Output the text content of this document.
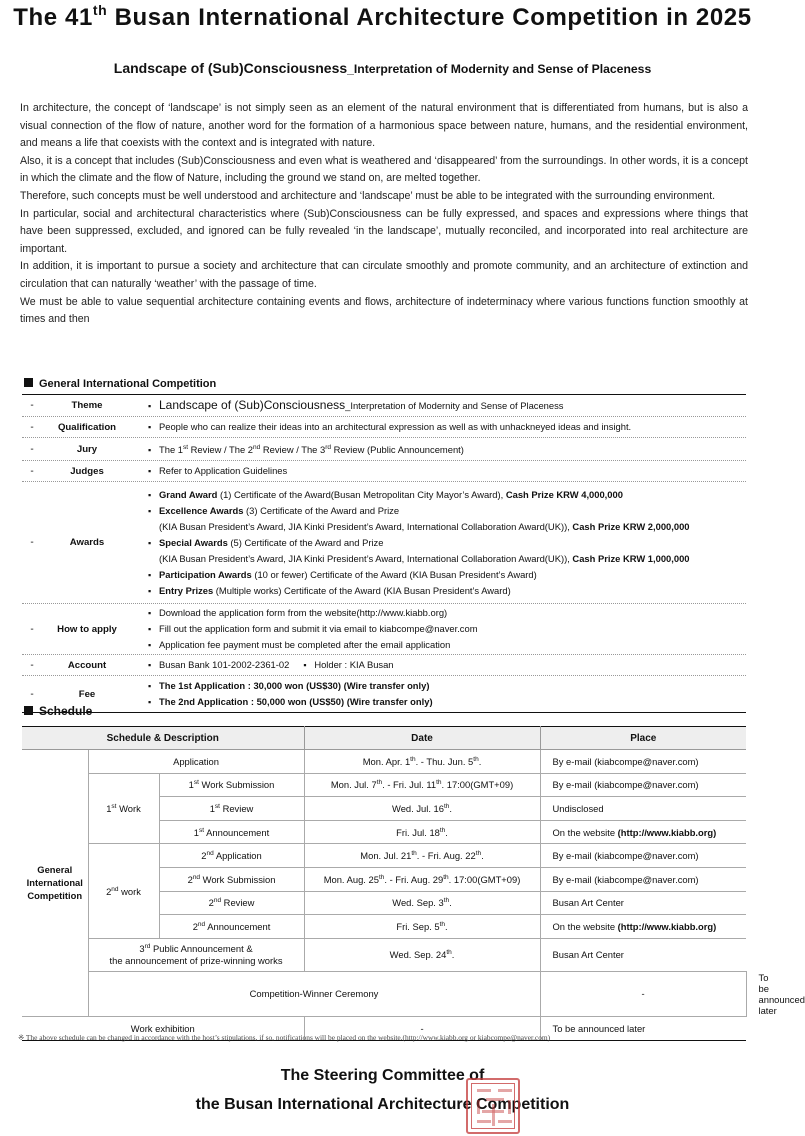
The 41th Busan International Architecture Competition in 2025
Landscape of (Sub)Consciousness_Interpretation of Modernity and Sense of Placeness

In architecture, the concept of ‘landscape’ is not simply seen as an element of the natural environment that is differentiated from humans, but is also a visual connection of the flow of nature, another word for the formation of a harmonious space between nature, humans, and the residential environment, and means a life that coexists with the context and is integrated with nature.

Also, it is a concept that includes (Sub)Consciousness and even what is weathered and ‘disappeared’ from the surroundings. In other words, it is a concept in which the climate and the flow of Nature, including the ground we stand on, are melted together.

Therefore, such concepts must be well understood and architecture and ‘landscape’ must be able to be integrated with the surrounding environment.

In particular, social and architectural characteristics where (Sub)Consciousness can be fully expressed, and spaces and expressions where things that have been suppressed, excluded, and ignored can be fully revealed ‘in the landscape’, mutually reconciled, and incorporated into real architecture are important.

In addition, it is important to pursue a society and architecture that can circulate smoothly and promote community, and an architecture of extinction and circulation that can naturally ‘weather’ with the passage of time.

We must be able to value sequential architecture containing events and flows, architecture of indeterminacy where various functions function smoothly at times and then

General International Competition
-	Theme	▪ Landscape of (Sub)Consciousness_Interpretation of Modernity and Sense of Placeness
-	Qualification	▪ People who can realize their ideas into an architectural expression as well as with unhackneyed ideas and insight.
-	Jury	▪ The 1st Review / The 2nd Review / The 3rd Review (Public Announcement)
-	Judges	▪ Refer to Application Guidelines
-	Awards
▪ Grand Award (1) Certificate of the Award(Busan Metropolitan City Mayor’s Award), Cash Prize KRW 4,000,000
▪ Excellence Awards (3) Certificate of the Award and Prize
(KIA Busan President’s Award, JIA Kinki President’s Award, International Collaboration Award(UK)), Cash Prize KRW 2,000,000
▪ Special Awards (5) Certificate of the Award and Prize
(KIA Busan President’s Award, JIA Kinki President’s Award, International Collaboration Award(UK)), Cash Prize KRW 1,000,000
▪ Participation Awards (10 or fewer) Certificate of the Award (KIA Busan President’s Award)
▪ Entry Prizes (Multiple works) Certificate of the Award (KIA Busan President’s Award)
-	How to apply
▪ Download the application form from the website(http://www.kiabb.org)
▪ Fill out the application form and submit it via email to kiabcompe@naver.com
▪ Application fee payment must be completed after the email application
-	Account	▪ Busan Bank 101-2002-2361-02	▪ Holder : KIA Busan
-	Fee
▪ The 1st Application : 30,000 won (US$30) (Wire transfer only)
▪ The 2nd Application : 50,000 won (US$50) (Wire transfer only)
Schedule
Schedule & Description			Date	Place	
General International Competition	Application		Mon. Apr. 1th. - Thu. Jun. 5th.	By e-mail (kiabcompe@naver.com)	
	1st Work	1st Work Submission	Mon. Jul. 7th. - Fri. Jul. 11th. 17:00(GMT+09)	By e-mail (kiabcompe@naver.com)	
		1st Review	Wed. Jul. 16th.	Undisclosed	
		1st Announcement	Fri. Jul. 18th.	On the website (http://www.kiabb.org)	
	2nd work	2nd Application	Mon. Jul. 21th. - Fri. Aug. 22th.	By e-mail (kiabcompe@naver.com)	
		2nd Work Submission	Mon. Aug. 25th. - Fri. Aug. 29th. 17:00(GMT+09)	By e-mail (kiabcompe@naver.com)	
		2nd Review	Wed. Sep. 3th.	Busan Art Center	
		2nd Announcement	Fri. Sep. 5th.	On the website (http://www.kiabb.org)	
	3rd Public Announcement &
the announcement of prize-winning works		Wed. Sep. 24th.	Busan Art Center	
	Competition-Winner Ceremony			-	To be announced later
Work exhibition			-	To be announced later	
※ The above schedule can be changed in accordance with the host’s stipulations, if so, notifications will be placed on the website.(http://www.kiabb.org or kiabcompe@naver.com)
The Steering Committee of
the Busan International Architecture Competition
